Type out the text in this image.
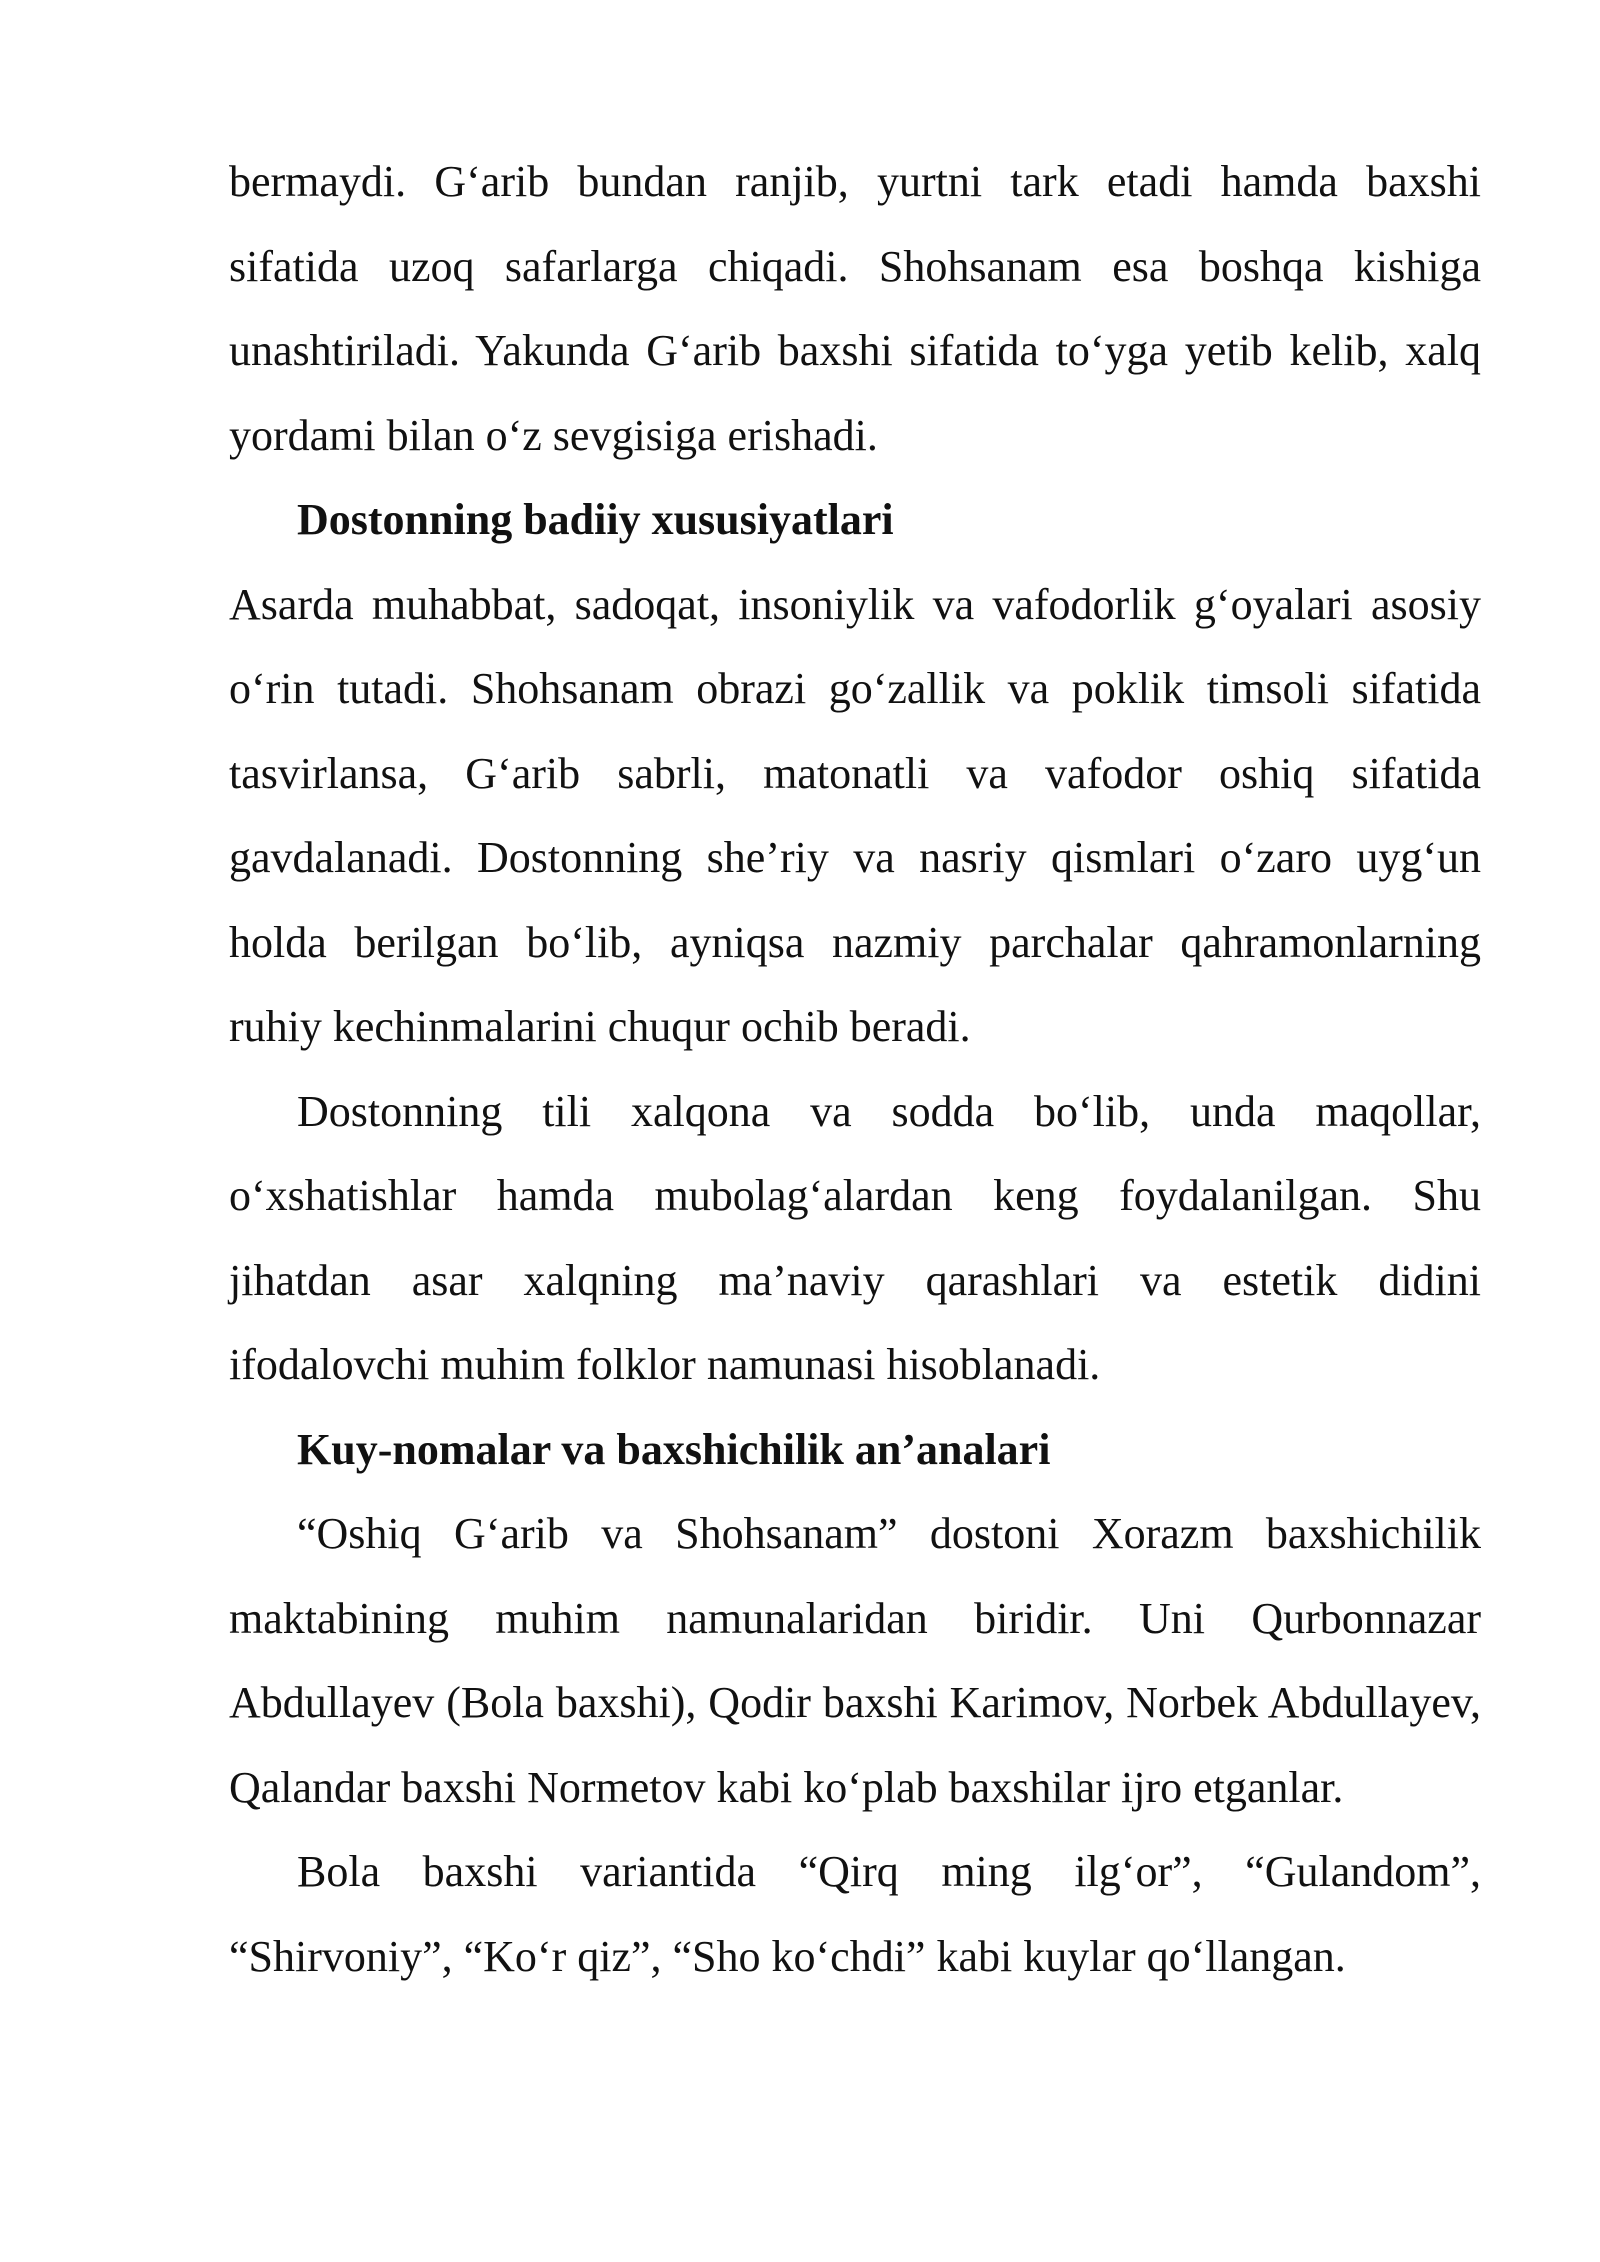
bermaydi. G‘arib bundan ranjib, yurtni tark etadi hamda baxshi sifatida uzoq safarlarga chiqadi. Shohsanam esa boshqa kishiga unashtiriladi. Yakunda G‘arib baxshi sifatida to‘yga yetib kelib, xalq yordami bilan o‘z sevgisiga erishadi.

Dostonning badiiy xususiyatlari

Asarda muhabbat, sadoqat, insoniylik va vafodorlik g‘oyalari asosiy o‘rin tutadi. Shohsanam obrazi go‘zallik va poklik timsoli sifatida tasvirlansa, G‘arib sabrli, matonatli va vafodor oshiq sifatida gavdalanadi. Dostonning she’riy va nasriy qismlari o‘zaro uyg‘un holda berilgan bo‘lib, ayniqsa nazmiy parchalar qahramonlarning ruhiy kechinmalarini chuqur ochib beradi.

Dostonning tili xalqona va sodda bo‘lib, unda maqollar, o‘xshatishlar hamda mubolag‘alardan keng foydalanilgan. Shu jihatdan asar xalqning ma’naviy qarashlari va estetik didini ifodalovchi muhim folklor namunasi hisoblanadi.

Kuy-nomalar va baxshichilik an’analari

“Oshiq G‘arib va Shohsanam” dostoni Xorazm baxshichilik maktabining muhim namunalaridan biridir. Uni Qurbonnazar Abdullayev (Bola baxshi), Qodir baxshi Karimov, Norbek Abdullayev, Qalandar baxshi Normetov kabi ko‘plab baxshilar ijro etganlar.

Bola baxshi variantida “Qirq ming ilg‘or”, “Gulandom”, “Shirvoniy”, “Ko‘r qiz”, “Sho ko‘chdi” kabi kuylar qo‘llangan.
